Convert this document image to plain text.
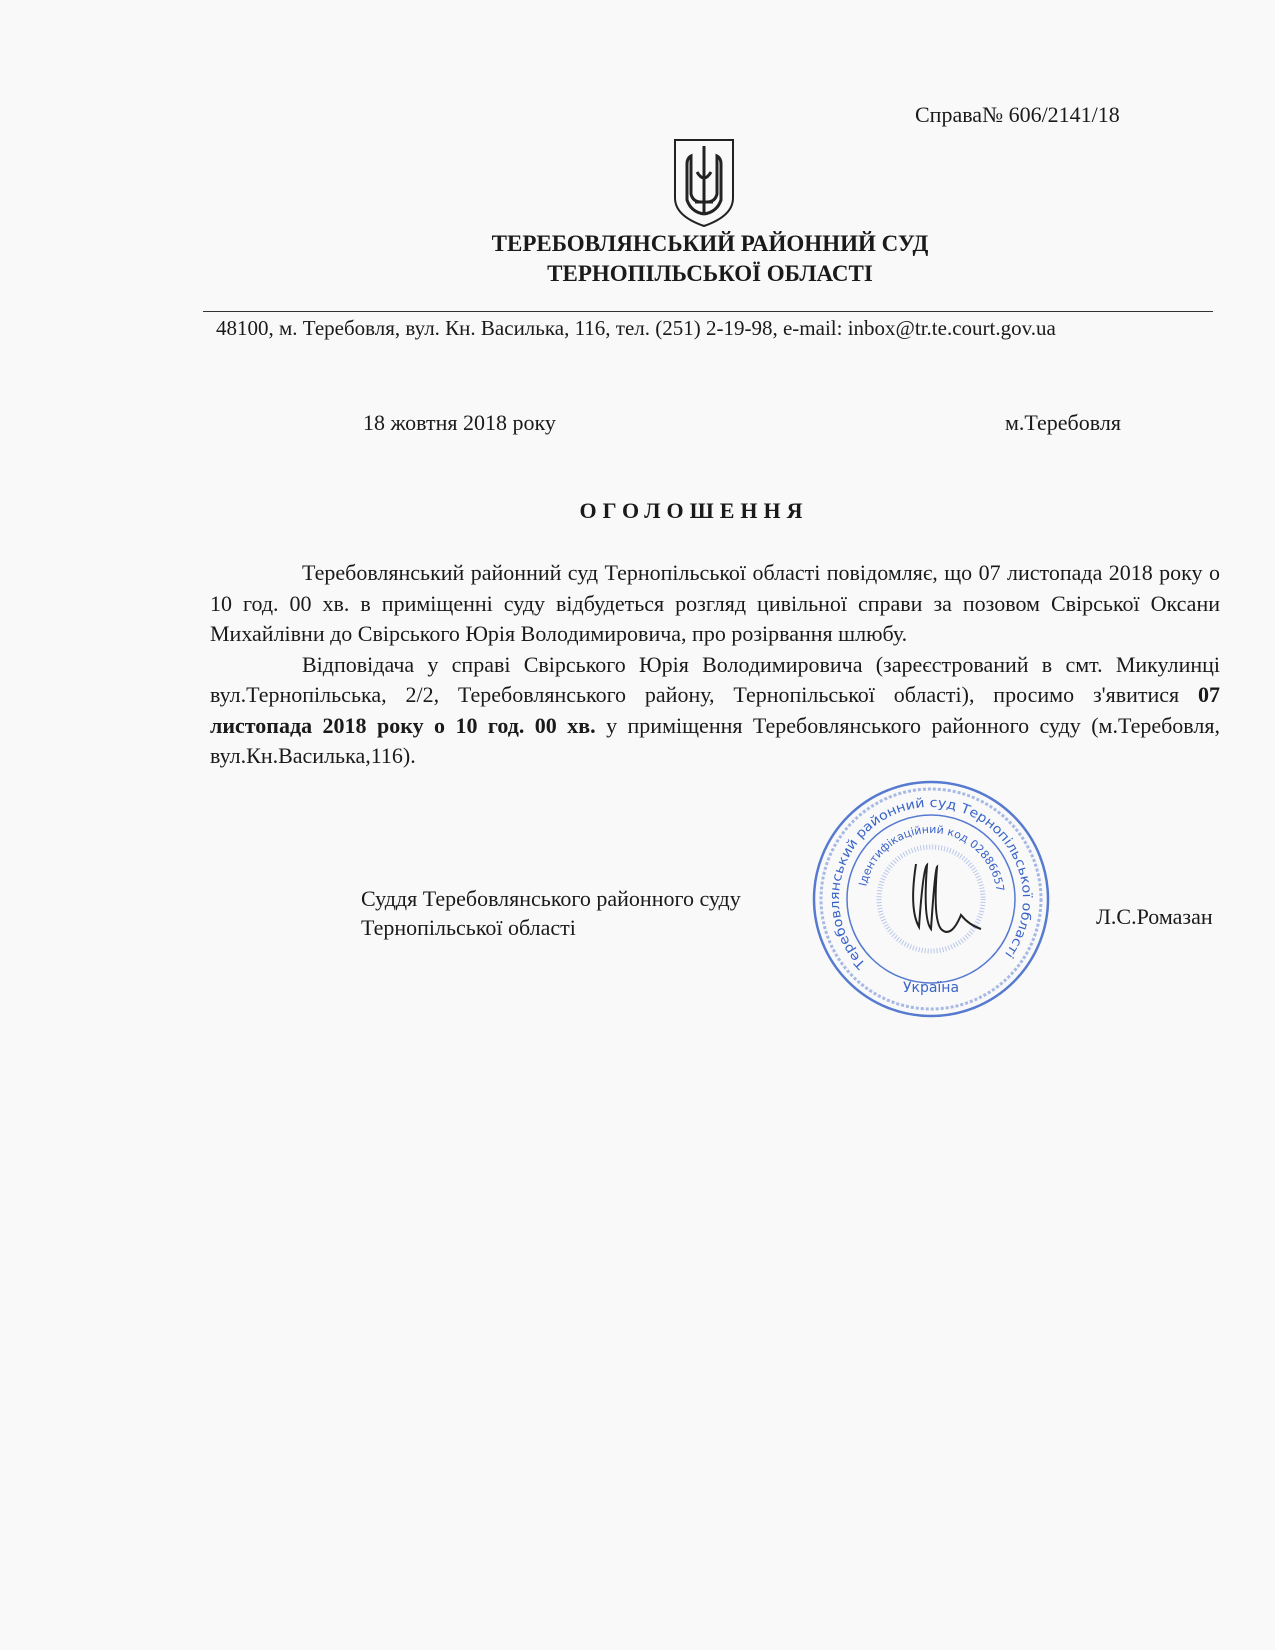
Справа№ 606/2141/18
ТЕРЕБОВЛЯНСЬКИЙ РАЙОННИЙ СУД
ТЕРНОПІЛЬСЬКОЇ ОБЛАСТІ
48100, м. Теребовля, вул. Кн. Василька, 116, тел. (251) 2-19-98, e-mail: inbox@tr.te.court.gov.ua
18 жовтня 2018 року	м.Теребовля
ОГОЛОШЕННЯ

Теребовлянський районний суд Тернопільської області повідомляє, що 07 листопада 2018 року о 10 год. 00 хв. в приміщенні суду відбудеться розгляд цивільної справи за позовом Свірської Оксани Михайлівни до Свірського Юрія Володимировича, про розірвання шлюбу.

Відповідача у справі Свірського Юрія Володимировича (зареєстрований в смт. Микулинці вул.Тернопільська, 2/2, Теребовлянського району, Тернопільської області), просимо з'явитися 07 листопада 2018 року о 10 год. 00 хв. у приміщення Теребовлянського районного суду (м.Теребовля, вул.Кн.Василька,116).

Суддя Теребовлянського районного суду
Тернопільської області	Л.С.Ромазан
Теребовлянський районний суд Тернопільської області
Ідентифікаційний код 02886657
Україна
